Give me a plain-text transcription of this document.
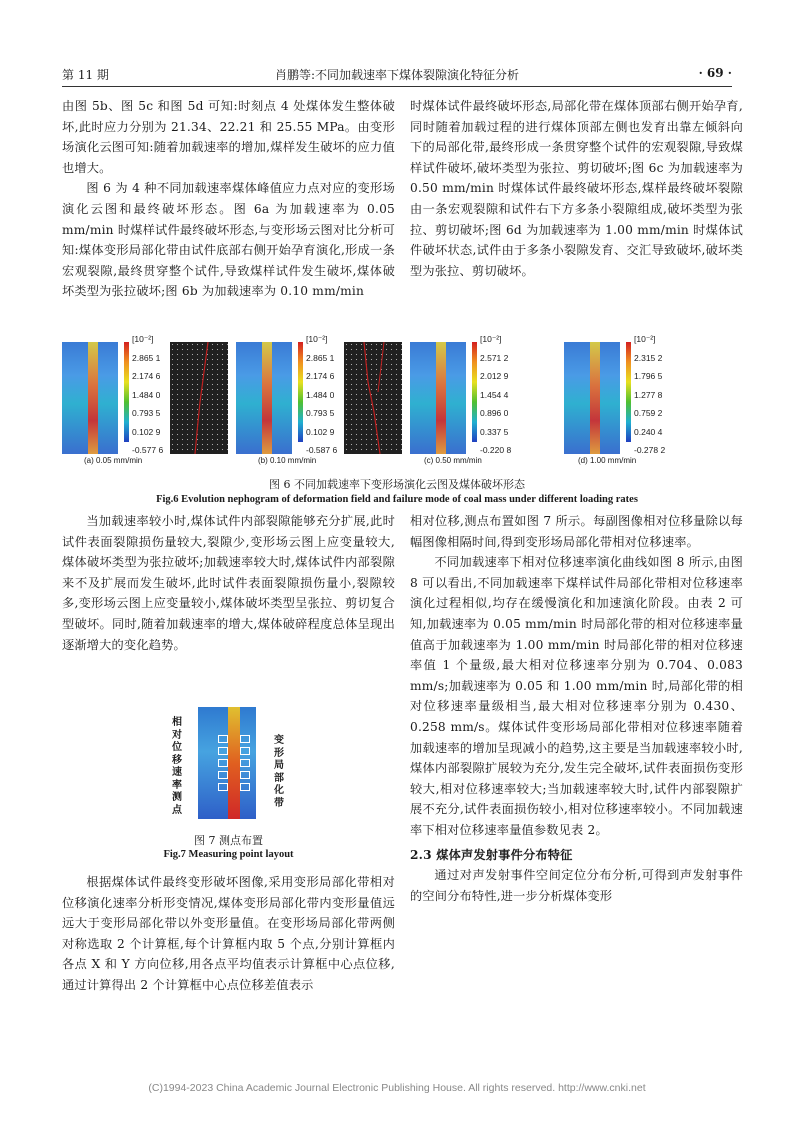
第 11 期	肖鹏等:不同加载速率下煤体裂隙演化特征分析	· 69 ·

由图 5b、图 5c 和图 5d 可知:时刻点 4 处煤体发生整体破坏,此时应力分别为 21.34、22.21 和 25.55 MPa。由变形场演化云图可知:随着加载速率的增加,煤样发生破坏的应力值也增大。

图 6 为 4 种不同加载速率煤体峰值应力点对应的变形场演化云图和最终破坏形态。图 6a 为加载速率为 0.05 mm/min 时煤样试件最终破坏形态,与变形场云图对比分析可知:煤体变形局部化带由试件底部右侧开始孕育演化,形成一条宏观裂隙,最终贯穿整个试件,导致煤样试件发生破坏,煤体破坏类型为张拉破坏;图 6b 为加载速率为 0.10 mm/min

时煤体试件最终破坏形态,局部化带在煤体顶部右侧开始孕育,同时随着加载过程的进行煤体顶部左侧也发育出靠左倾斜向下的局部化带,最终形成一条贯穿整个试件的宏观裂隙,导致煤样试件破坏,破坏类型为张拉、剪切破坏;图 6c 为加载速率为 0.50 mm/min 时煤体试件最终破坏形态,煤样最终破坏裂隙由一条宏观裂隙和试件右下方多条小裂隙组成,破坏类型为张拉、剪切破坏;图 6d 为加载速率为 1.00 mm/min 时煤体试件破坏状态,试件由于多条小裂隙发育、交汇导致破坏,破坏类型为张拉、剪切破坏。

[10⁻²]
2.865 1
2.174 6
1.484 0
0.793 5
0.102 9
-0.577 6
(a) 0.05 mm/min
[10⁻²]
2.865 1
2.174 6
1.484 0
0.793 5
0.102 9
-0.587 6
(b) 0.10 mm/min
[10⁻²]
2.571 2
2.012 9
1.454 4
0.896 0
0.337 5
-0.220 8
(c) 0.50 mm/min
[10⁻²]
2.315 2
1.796 5
1.277 8
0.759 2
0.240 4
-0.278 2
(d) 1.00 mm/min
图 6 不同加载速率下变形场演化云图及煤体破坏形态
Fig.6 Evolution nephogram of deformation field and failure mode of coal mass under different loading rates

当加载速率较小时,煤体试件内部裂隙能够充分扩展,此时试件表面裂隙损伤量较大,裂隙少,变形场云图上应变量较大,煤体破坏类型为张拉破坏;加载速率较大时,煤体试件内部裂隙来不及扩展而发生破坏,此时试件表面裂隙损伤量小,裂隙较多,变形场云图上应变量较小,煤体破坏类型呈张拉、剪切复合型破坏。同时,随着加载速率的增大,煤体破碎程度总体呈现出逐渐增大的变化趋势。

相对位移速率测点
变形局部化带
图 7 测点布置
Fig.7 Measuring point layout

根据煤体试件最终变形破坏图像,采用变形局部化带相对位移演化速率分析形变情况,煤体变形局部化带内变形量值远远大于变形局部化带以外变形量值。在变形场局部化带两侧对称选取 2 个计算框,每个计算框内取 5 个点,分别计算框内各点 X 和 Y 方向位移,用各点平均值表示计算框中心点位移,通过计算得出 2 个计算框中心点位移差值表示

相对位移,测点布置如图 7 所示。每副图像相对位移量除以每幅图像相隔时间,得到变形场局部化带相对位移速率。

不同加载速率下相对位移速率演化曲线如图 8 所示,由图 8 可以看出,不同加载速率下煤样试件局部化带相对位移速率演化过程相似,均存在缓慢演化和加速演化阶段。由表 2 可知,加载速率为 0.05 mm/min 时局部化带的相对位移速率量值高于加载速率为 1.00 mm/min 时局部化带的相对位移速率值 1 个量级,最大相对位移速率分别为 0.704、0.083 mm/s;加载速率为 0.05 和 1.00 mm/min 时,局部化带的相对位移速率量级相当,最大相对位移速率分别为 0.430、0.258 mm/s。煤体试件变形场局部化带相对位移速率随着加载速率的增加呈现减小的趋势,这主要是当加载速率较小时,煤体内部裂隙扩展较为充分,发生完全破坏,试件表面损伤变形较大,相对位移速率较大;当加载速率较大时,试件内部裂隙扩展不充分,试件表面损伤较小,相对位移速率较小。不同加载速率下相对位移速率量值参数见表 2。

2.3 煤体声发射事件分布特征

通过对声发射事件空间定位分布分析,可得到声发射事件的空间分布特性,进一步分析煤体变形

(C)1994-2023 China Academic Journal Electronic Publishing House. All rights reserved. http://www.cnki.net
